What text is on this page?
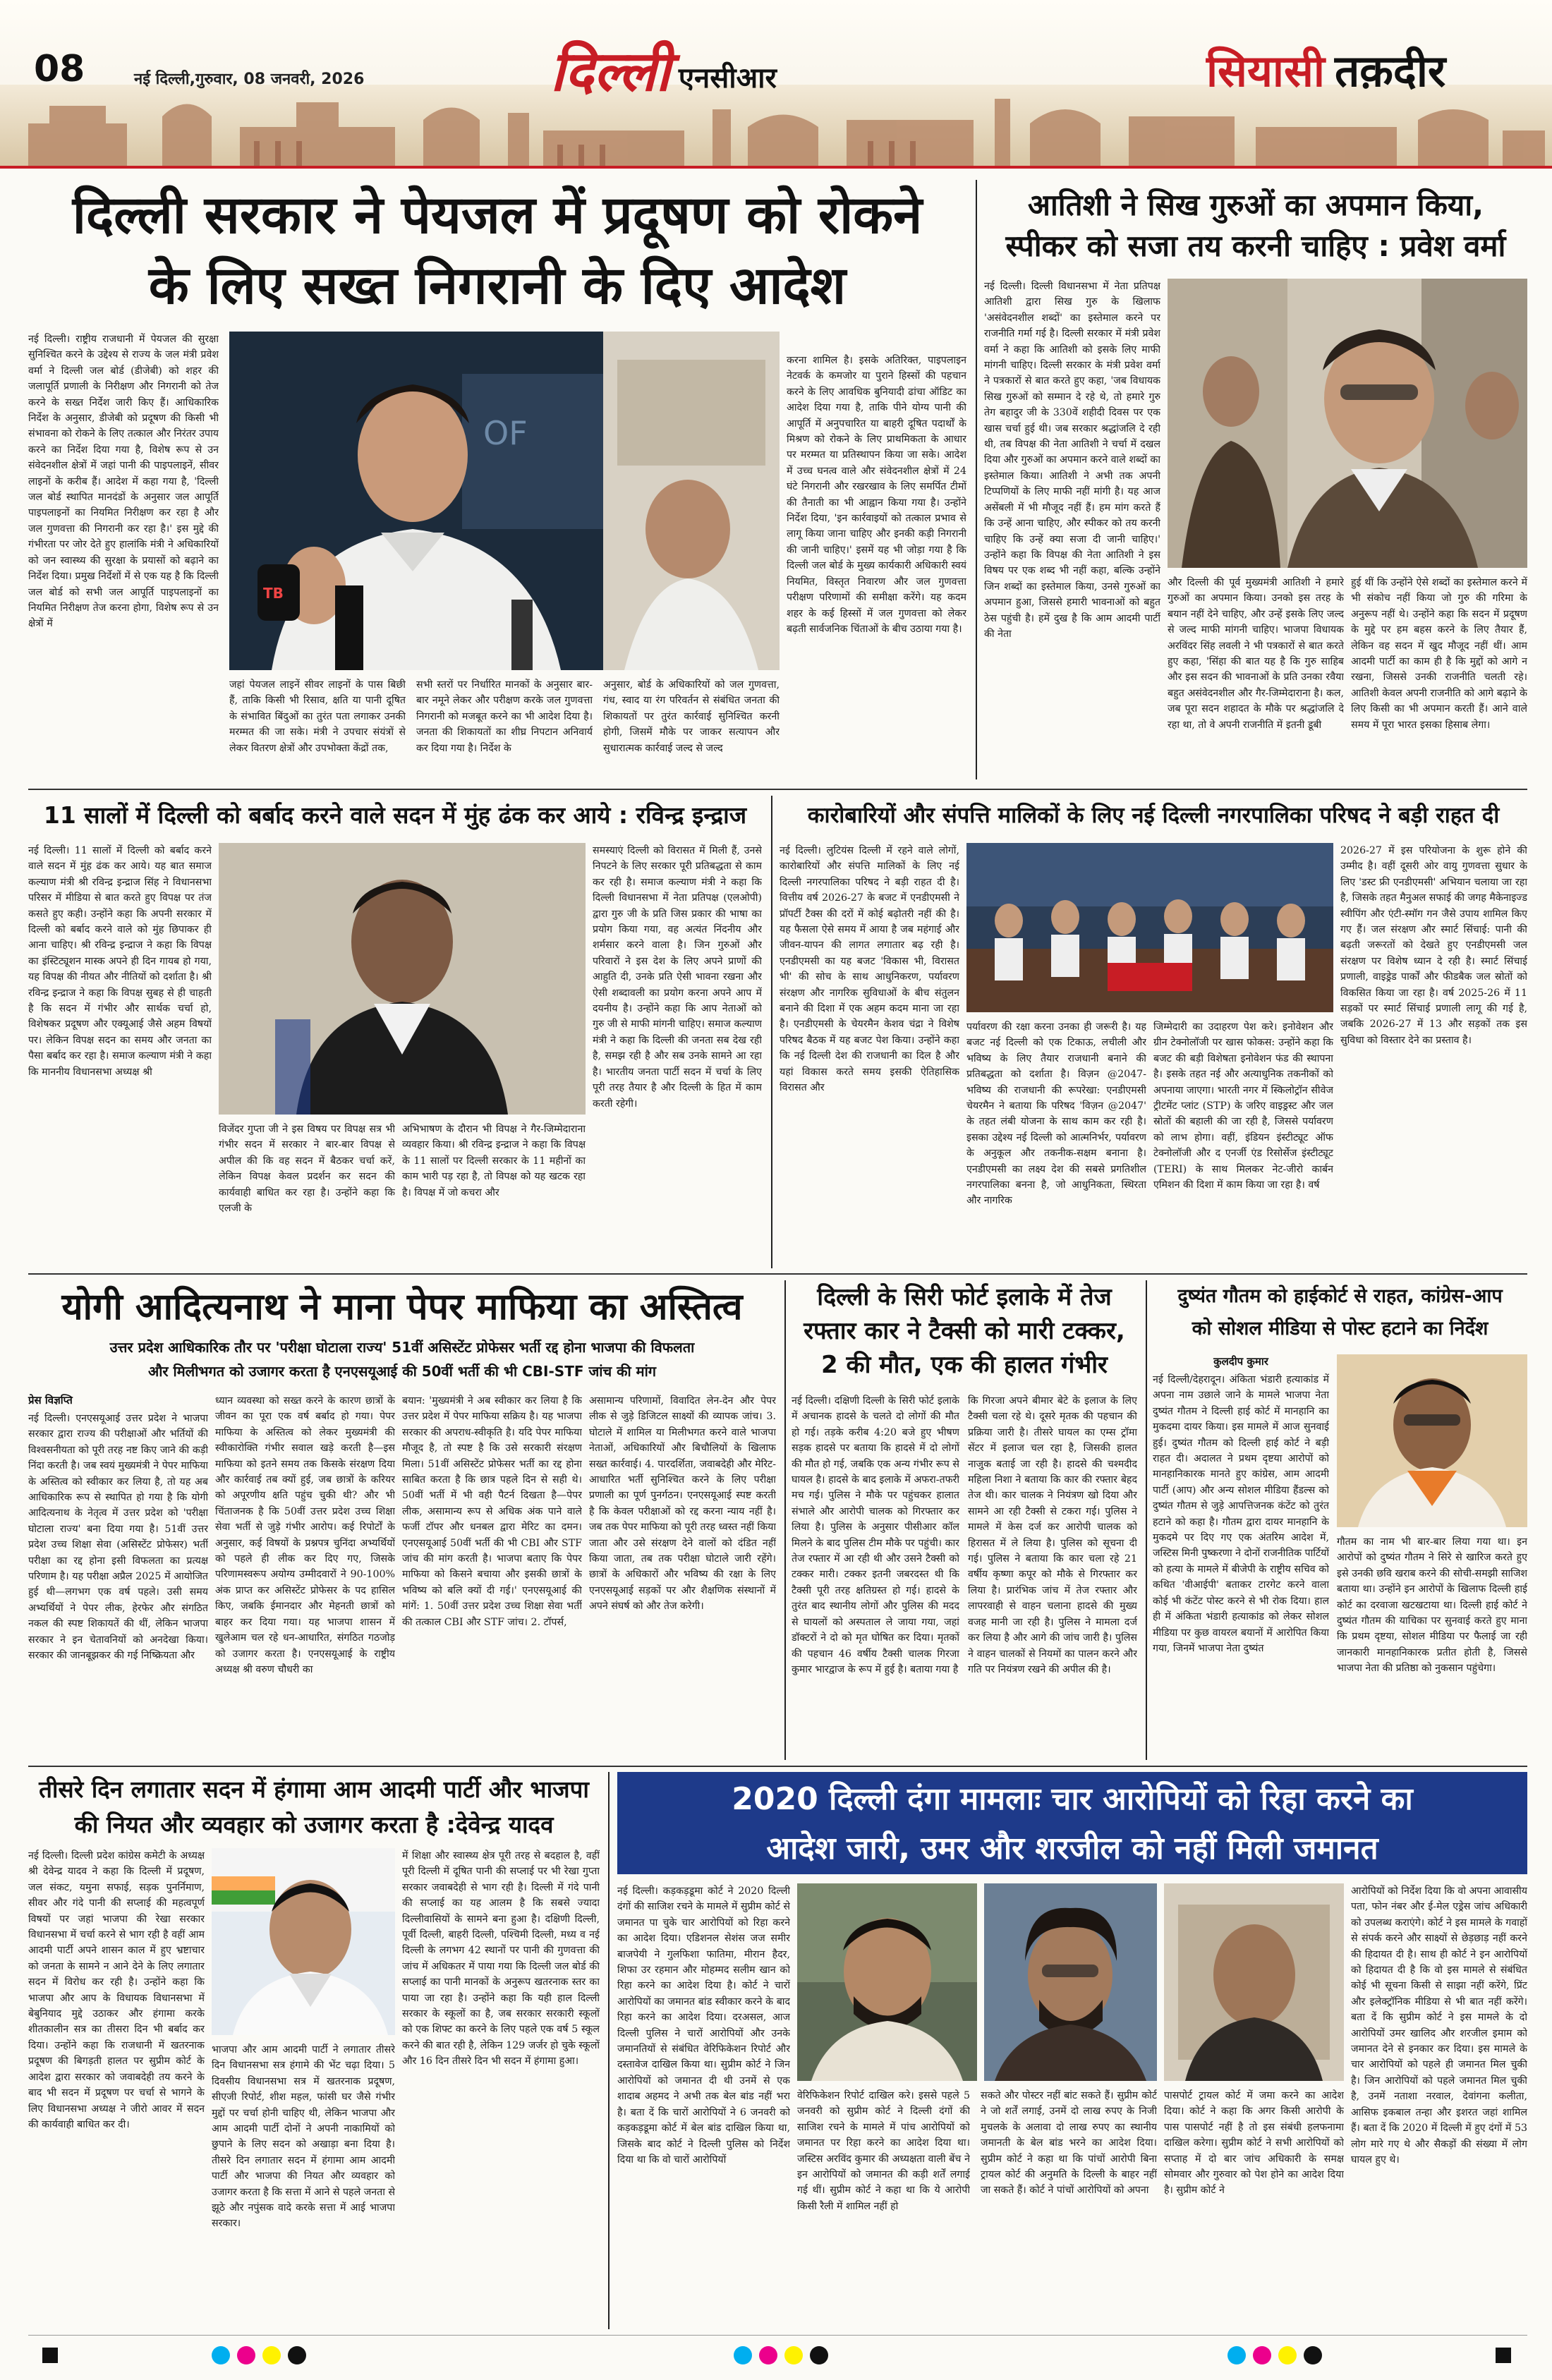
08	नई दिल्ली,गुरुवार, 08 जनवरी, 2026	दिल्ली एनसीआर	सियासी तक़दीर
दिल्ली सरकार ने पेयजल में प्रदूषण को रोकने
के लिए सख्त निगरानी के दिए आदेश

नई दिल्ली। राष्ट्रीय राजधानी में पेयजल की सुरक्षा सुनिश्चित करने के उद्देश्य से राज्य के जल मंत्री प्रवेश वर्मा ने दिल्ली जल बोर्ड (डीजेबी) को शहर की जलापूर्ति प्रणाली के निरीक्षण और निगरानी को तेज करने के सख्त निर्देश जारी किए हैं। आधिकारिक निर्देश के अनुसार, डीजेबी को प्रदूषण की किसी भी संभावना को रोकने के लिए तत्काल और निरंतर उपाय करने का निर्देश दिया गया है, विशेष रूप से उन संवेदनशील क्षेत्रों में जहां पानी की पाइपलाइनें, सीवर लाइनों के करीब हैं। आदेश में कहा गया है, 'दिल्ली जल बोर्ड स्थापित मानदंडों के अनुसार जल आपूर्ति पाइपलाइनों का नियमित निरीक्षण कर रहा है और जल गुणवत्ता की निगरानी कर रहा है।' इस मुद्दे की गंभीरता पर जोर देते हुए हालांकि मंत्री ने अधिकारियों को जन स्वास्थ्य की सुरक्षा के प्रयासों को बढ़ाने का निर्देश दिया। प्रमुख निर्देशों में से एक यह है कि दिल्ली जल बोर्ड को सभी जल आपूर्ति पाइपलाइनों का नियमित निरीक्षण तेज करना होगा, विशेष रूप से उन क्षेत्रों में

OF
TB

जहां पेयजल लाइनें सीवर लाइनों के पास बिछी हैं, ताकि किसी भी रिसाव, क्षति या पानी दूषित के संभावित बिंदुओं का तुरंत पता लगाकर उनकी मरम्मत की जा सके। मंत्री ने उपचार संयंत्रों से लेकर वितरण क्षेत्रों और उपभोक्ता केंद्रों तक,

सभी स्तरों पर निर्धारित मानकों के अनुसार बार-बार नमूने लेकर और परीक्षण करके जल गुणवत्ता निगरानी को मजबूत करने का भी आदेश दिया है। जनता की शिकायतों का शीघ्र निपटान अनिवार्य कर दिया गया है। निर्देश के

अनुसार, बोर्ड के अधिकारियों को जल गुणवत्ता, गंध, स्वाद या रंग परिवर्तन से संबंधित जनता की शिकायतों पर तुरंत कार्रवाई सुनिश्चित करनी होगी, जिसमें मौके पर जाकर सत्यापन और सुधारात्मक कार्रवाई जल्द से जल्द

करना शामिल है। इसके अतिरिक्त, पाइपलाइन नेटवर्क के कमजोर या पुराने हिस्सों की पहचान करने के लिए आवधिक बुनियादी ढांचा ऑडिट का आदेश दिया गया है, ताकि पीने योग्य पानी की आपूर्ति में अनुपचारित या बाहरी दूषित पदार्थों के मिश्रण को रोकने के लिए प्राथमिकता के आधार पर मरम्मत या प्रतिस्थापन किया जा सके। आदेश में उच्च घनत्व वाले और संवेदनशील क्षेत्रों में 24 घंटे निगरानी और रखरखाव के लिए समर्पित टीमों की तैनाती का भी आह्वान किया गया है। उन्होंने निर्देश दिया, 'इन कार्रवाइयों को तत्काल प्रभाव से लागू किया जाना चाहिए और इनकी कड़ी निगरानी की जानी चाहिए।' इसमें यह भी जोड़ा गया है कि दिल्ली जल बोर्ड के मुख्य कार्यकारी अधिकारी स्वयं नियमित, विस्तृत निवारण और जल गुणवत्ता परीक्षण परिणामों की समीक्षा करेंगे। यह कदम शहर के कई हिस्सों में जल गुणवत्ता को लेकर बढ़ती सार्वजनिक चिंताओं के बीच उठाया गया है।

आतिशी ने सिख गुरुओं का अपमान किया,
स्पीकर को सजा तय करनी चाहिए : प्रवेश वर्मा

नई दिल्ली। दिल्ली विधानसभा में नेता प्रतिपक्ष आतिशी द्वारा सिख गुरु के खिलाफ 'असंवेदनशील शब्दों' का इस्तेमाल करने पर राजनीति गर्मा गई है। दिल्ली सरकार में मंत्री प्रवेश वर्मा ने कहा कि आतिशी को इसके लिए माफी मांगनी चाहिए। दिल्ली सरकार के मंत्री प्रवेश वर्मा ने पत्रकारों से बात करते हुए कहा, 'जब विधायक सिख गुरुओं को सम्मान दे रहे थे, तो हमारे गुरु तेग बहादुर जी के 330वें शहीदी दिवस पर एक खास चर्चा हुई थी। जब सरकार श्रद्धांजलि दे रही थी, तब विपक्ष की नेता आतिशी ने चर्चा में दखल दिया और गुरुओं का अपमान करने वाले शब्दों का इस्तेमाल किया। आतिशी ने अभी तक अपनी टिप्पणियों के लिए माफी नहीं मांगी है। यह आज असेंबली में भी मौजूद नहीं हैं। हम मांग करते हैं कि उन्हें आना चाहिए, और स्पीकर को तय करनी चाहिए कि उन्हें क्या सजा दी जानी चाहिए।' उन्होंने कहा कि विपक्ष की नेता आतिशी ने इस विषय पर एक शब्द भी नहीं कहा, बल्कि उन्होंने जिन शब्दों का इस्तेमाल किया, उनसे गुरुओं का अपमान हुआ, जिससे हमारी भावनाओं को बहुत ठेस पहुंची है। हमें दुख है कि आम आदमी पार्टी की नेता

और दिल्ली की पूर्व मुख्यमंत्री आतिशी ने हमारे गुरुओं का अपमान किया। उनको इस तरह के बयान नहीं देने चाहिए, और उन्हें इसके लिए जल्द से जल्द माफी मांगनी चाहिए। भाजपा विधायक अरविंदर सिंह लवली ने भी पत्रकारों से बात करते हुए कहा, 'सिंहा की बात यह है कि गुरु साहिब और इस सदन की भावनाओं के प्रति उनका रवैया बहुत असंवेदनशील और गैर-जिम्मेदाराना है। कल, जब पूरा सदन शहादत के मौके पर श्रद्धांजलि दे रहा था, तो वे अपनी राजनीति में इतनी डूबी

हुई थीं कि उन्होंने ऐसे शब्दों का इस्तेमाल करने में भी संकोच नहीं किया जो गुरु की गरिमा के अनुरूप नहीं थे। उन्होंने कहा कि सदन में प्रदूषण के मुद्दे पर हम बहस करने के लिए तैयार हैं, लेकिन वह सदन में खुद मौजूद नहीं थीं। आम आदमी पार्टी का काम ही है कि मुद्दों को आगे न रखना, जिससे उनकी राजनीति चलती रहे। आतिशी केवल अपनी राजनीति को आगे बढ़ाने के लिए किसी का भी अपमान करती हैं। आने वाले समय में पूरा भारत इसका हिसाब लेगा।

11 सालों में दिल्ली को बर्बाद करने वाले सदन में मुंह ढंक कर आये : रविन्द्र इन्द्राज

नई दिल्ली। 11 सालों में दिल्ली को बर्बाद करने वाले सदन में मुंह ढंक कर आये। यह बात समाज कल्याण मंत्री श्री रविन्द्र इन्द्राज सिंह ने विधानसभा परिसर में मीडिया से बात करते हुए विपक्ष पर तंज कसते हुए कही। उन्होंने कहा कि अपनी सरकार में दिल्ली को बर्बाद करने वाले को मुंह छिपाकर ही आना चाहिए। श्री रविन्द्र इन्द्राज ने कहा कि विपक्ष का इंस्टिट्यूशन मास्क अपने ही दिन गायब हो गया, यह विपक्ष की नीयत और नीतियों को दर्शाता है। श्री रविन्द्र इन्द्राज ने कहा कि विपक्ष सुबह से ही चाहती है कि सदन में गंभीर और सार्थक चर्चा हो, विशेषकर प्रदूषण और एक्यूआई जैसे अहम विषयों पर। लेकिन विपक्ष सदन का समय और जनता का पैसा बर्बाद कर रहा है। समाज कल्याण मंत्री ने कहा कि माननीय विधानसभा अध्यक्ष श्री

विजेंदर गुप्ता जी ने इस विषय पर विपक्ष सत्र भी गंभीर सदन में सरकार ने बार-बार विपक्ष से अपील की कि वह सदन में बैठकर चर्चा करें, लेकिन विपक्ष केवल प्रदर्शन कर सदन की कार्यवाही बाधित कर रहा है। उन्होंने कहा कि एलजी के

अभिभाषण के दौरान भी विपक्ष ने गैर-जिम्मेदाराना व्यवहार किया। श्री रविन्द्र इन्द्राज ने कहा कि विपक्ष के 11 सालों पर दिल्ली सरकार के 11 महीनों का काम भारी पड़ रहा है, तो विपक्ष को यह खटक रहा है। विपक्ष में जो कचरा और

समस्याएं दिल्ली को विरासत में मिली हैं, उनसे निपटने के लिए सरकार पूरी प्रतिबद्धता से काम कर रही है। समाज कल्याण मंत्री ने कहा कि दिल्ली विधानसभा में नेता प्रतिपक्ष (एलओपी) द्वारा गुरु जी के प्रति जिस प्रकार की भाषा का प्रयोग किया गया, वह अत्यंत निंदनीय और शर्मसार करने वाला है। जिन गुरुओं और परिवारों ने इस देश के लिए अपने प्राणों की आहुति दी, उनके प्रति ऐसी भावना रखना और ऐसी शब्दावली का प्रयोग करना अपने आप में दयनीय है। उन्होंने कहा कि आप नेताओं को गुरु जी से माफी मांगनी चाहिए। समाज कल्याण मंत्री ने कहा कि दिल्ली की जनता सब देख रही है, समझ रही है और सब उनके सामने आ रहा है। भारतीय जनता पार्टी सदन में चर्चा के लिए पूरी तरह तैयार है और दिल्ली के हित में काम करती रहेगी।

कारोबारियों और संपत्ति मालिकों के लिए नई दिल्ली नगरपालिका परिषद ने बड़ी राहत दी

नई दिल्ली। लुटियंस दिल्ली में रहने वाले लोगों, कारोबारियों और संपत्ति मालिकों के लिए नई दिल्ली नगरपालिका परिषद ने बड़ी राहत दी है। वित्तीय वर्ष 2026-27 के बजट में एनडीएमसी ने प्रॉपर्टी टैक्स की दरों में कोई बढ़ोतरी नहीं की है। यह फैसला ऐसे समय में आया है जब महंगाई और जीवन-यापन की लागत लगातार बढ़ रही है। एनडीएमसी का यह बजट 'विकास भी, विरासत भी' की सोच के साथ आधुनिकरण, पर्यावरण संरक्षण और नागरिक सुविधाओं के बीच संतुलन बनाने की दिशा में एक अहम कदम माना जा रहा है। एनडीएमसी के चेयरमैन केशव चंद्रा ने विशेष परिषद बैठक में यह बजट पेश किया। उन्होंने कहा कि नई दिल्ली देश की राजधानी का दिल है और यहां विकास करते समय इसकी ऐतिहासिक विरासत और

पर्यावरण की रक्षा करना उनका ही जरूरी है। यह बजट नई दिल्ली को एक टिकाऊ, लचीली और भविष्य के लिए तैयार राजधानी बनाने की प्रतिबद्धता को दर्शाता है। विज़न @2047- भविष्य की राजधानी की रूपरेखा: एनडीएमसी चेयरमैन ने बताया कि परिषद 'विज़न @2047' के तहत लंबी योजना के साथ काम कर रही है। इसका उद्देश्य नई दिल्ली को आत्मनिर्भर, पर्यावरण के अनुकूल और तकनीक-सक्षम बनाना है। एनडीएमसी का लक्ष्य देश की सबसे प्रगतिशील नगरपालिका बनना है, जो आधुनिकता, स्थिरता और नागरिक

जिम्मेदारी का उदाहरण पेश करे। इनोवेशन और ग्रीन टेक्नोलॉजी पर खास फोकस: उन्होंने कहा कि बजट की बड़ी विशेषता इनोवेशन फंड की स्थापना है। इसके तहत नई और अत्याधुनिक तकनीकों को अपनाया जाएगा। भारती नगर में स्किलोट्रॉन सीवेज ट्रीटमेंट प्लांट (STP) के जरिए वाइड्रस्ट और जल स्रोतों की बहाली की जा रही है, जिससे पर्यावरण को लाभ होगा। वहीं, इंडियन इंस्टीट्यूट ऑफ टेक्नोलॉजी और द एनर्जी एंड रिसोर्सेज इंस्टीट्यूट (TERI) के साथ मिलकर नेट-जीरो कार्बन एमिशन की दिशा में काम किया जा रहा है। वर्ष

2026-27 में इस परियोजना के शुरू होने की उम्मीद है। वहीं दूसरी ओर वायु गुणवत्ता सुधार के लिए 'डस्ट फ्री एनडीएमसी' अभियान चलाया जा रहा है, जिसके तहत मैनुअल सफाई की जगह मैकेनाइज्ड स्वीपिंग और एंटी-स्मॉग गन जैसे उपाय शामिल किए गए हैं। जल संरक्षण और स्मार्ट सिंचाई: पानी की बढ़ती जरूरतों को देखते हुए एनडीएमसी जल संरक्षण पर विशेष ध्यान दे रही है। स्मार्ट सिंचाई प्रणाली, वाइड्रेड पार्कों और फीडबैक जल स्रोतों को विकसित किया जा रहा है। वर्ष 2025-26 में 11 सड़कों पर स्मार्ट सिंचाई प्रणाली लागू की गई है, जबकि 2026-27 में 13 और सड़कों तक इस सुविधा को विस्तार देने का प्रस्ताव है।

योगी आदित्यनाथ ने माना पेपर माफिया का अस्तित्व
उत्तर प्रदेश आधिकारिक तौर पर 'परीक्षा घोटाला राज्य' 51वीं असिस्टेंट प्रोफेसर भर्ती रद्द होना भाजपा की विफलता
और मिलीभगत को उजागर करता है एनएसयूआई की 50वीं भर्ती की भी CBI-STF जांच की मांग
प्रेस विज्ञप्ति

नई दिल्ली। एनएसयूआई उत्तर प्रदेश ने भाजपा सरकार द्वारा राज्य की परीक्षाओं और भर्तियों की विश्वसनीयता को पूरी तरह नष्ट किए जाने की कड़ी निंदा करती है। जब स्वयं मुख्यमंत्री ने पेपर माफिया के अस्तित्व को स्वीकार कर लिया है, तो यह अब आधिकारिक रूप से स्थापित हो गया है कि योगी आदित्यनाथ के नेतृत्व में उत्तर प्रदेश को 'परीक्षा घोटाला राज्य' बना दिया गया है। 51वीं उत्तर प्रदेश उच्च शिक्षा सेवा (असिस्टेंट प्रोफेसर) भर्ती परीक्षा का रद्द होना इसी विफलता का प्रत्यक्ष परिणाम है। यह परीक्षा अप्रैल 2025 में आयोजित हुई थी—लगभग एक वर्ष पहले। उसी समय अभ्यर्थियों ने पेपर लीक, हेरफेर और संगठित नकल की स्पष्ट शिकायतें की थीं, लेकिन भाजपा सरकार ने इन चेतावनियों को अनदेखा किया। सरकार की जानबूझकर की गई निष्क्रियता और

ध्यान व्यवस्था को सख्त करने के कारण छात्रों के जीवन का पूरा एक वर्ष बर्बाद हो गया। पेपर माफिया के अस्तित्व को लेकर मुख्यमंत्री की स्वीकारोक्ति गंभीर सवाल खड़े करती है—इस माफिया को इतने समय तक किसके संरक्षण दिया और कार्रवाई तब क्यों हुई, जब छात्रों के करियर को अपूरणीय क्षति पहुंच चुकी थी? और भी चिंताजनक है कि 50वीं उत्तर प्रदेश उच्च शिक्षा सेवा भर्ती से जुड़े गंभीर आरोप। कई रिपोर्टों के अनुसार, कई विषयों के प्रश्नपत्र चुनिंदा अभ्यर्थियों को पहले ही लीक कर दिए गए, जिसके परिणामस्वरूप अयोग्य उम्मीदवारों ने 90-100% अंक प्राप्त कर असिस्टेंट प्रोफेसर के पद हासिल किए, जबकि ईमानदार और मेहनती छात्रों को बाहर कर दिया गया। यह भाजपा शासन में खुलेआम चल रहे धन-आधारित, संगठित गठजोड़ को उजागर करता है। एनएसयूआई के राष्ट्रीय अध्यक्ष श्री वरुण चौधरी का

बयान: 'मुख्यमंत्री ने अब स्वीकार कर लिया है कि उत्तर प्रदेश में पेपर माफिया सक्रिय है। यह भाजपा सरकार की अपराध-स्वीकृति है। यदि पेपर माफिया मौजूद है, तो स्पष्ट है कि उसे सरकारी संरक्षण मिला। 51वीं असिस्टेंट प्रोफेसर भर्ती का रद्द होना साबित करता है कि छात्र पहले दिन से सही थे। 50वीं भर्ती में भी वही पैटर्न दिखता है—पेपर लीक, असामान्य रूप से अधिक अंक पाने वाले फर्जी टॉपर और धनबल द्वारा मेरिट का दमन। एनएसयूआई 50वीं भर्ती की भी CBI और STF जांच की मांग करती है। भाजपा बताए कि पेपर माफिया को किसने बचाया और इसकी छात्रों के भविष्य को बलि क्यों दी गई।' एनएसयूआई की मांगें: 1. 50वीं उत्तर प्रदेश उच्च शिक्षा सेवा भर्ती की तत्काल CBI और STF जांच। 2. टॉपर्स,

असामान्य परिणामों, विवादित लेन-देन और पेपर लीक से जुड़े डिजिटल साक्ष्यों की व्यापक जांच। 3. घोटाले में शामिल या मिलीभगत करने वाले भाजपा नेताओं, अधिकारियों और बिचौलियों के खिलाफ सख्त कार्रवाई। 4. पारदर्शिता, जवाबदेही और मेरिट-आधारित भर्ती सुनिश्चित करने के लिए परीक्षा प्रणाली का पूर्ण पुनर्गठन। एनएसयूआई स्पष्ट करती है कि केवल परीक्षाओं को रद्द करना न्याय नहीं है। जब तक पेपर माफिया को पूरी तरह ध्वस्त नहीं किया जाता और उसे संरक्षण देने वालों को दंडित नहीं किया जाता, तब तक परीक्षा घोटाले जारी रहेंगे। छात्रों के अधिकारों और भविष्य की रक्षा के लिए एनएसयूआई सड़कों पर और शैक्षणिक संस्थानों में अपने संघर्ष को और तेज करेगी।

दिल्ली के सिरी फोर्ट इलाके में तेज
रफ्तार कार ने टैक्सी को मारी टक्कर,
2 की मौत, एक की हालत गंभीर

नई दिल्ली। दक्षिणी दिल्ली के सिरी फोर्ट इलाके में अचानक हादसे के चलते दो लोगों की मौत हो गई। तड़के करीब 4:20 बजे हुए भीषण सड़क हादसे पर बताया कि हादसे में दो लोगों की मौत हो गई, जबकि एक अन्य गंभीर रूप से घायल है। हादसे के बाद इलाके में अफरा-तफरी मच गई। पुलिस ने मौके पर पहुंचकर हालात संभाले और आरोपी चालक को गिरफ्तार कर लिया है। पुलिस के अनुसार पीसीआर कॉल मिलने के बाद पुलिस टीम मौके पर पहुंची। कार तेज रफ्तार में आ रही थी और उसने टैक्सी को टक्कर मारी। टक्कर इतनी जबरदस्त थी कि टैक्सी पूरी तरह क्षतिग्रस्त हो गई। हादसे के तुरंत बाद स्थानीय लोगों और पुलिस की मदद से घायलों को अस्पताल ले जाया गया, जहां डॉक्टरों ने दो को मृत घोषित कर दिया। मृतकों की पहचान 46 वर्षीय टैक्सी चालक गिरजा कुमार भारद्वाज के रूप में हुई है। बताया गया है

कि गिरजा अपने बीमार बेटे के इलाज के लिए टैक्सी चला रहे थे। दूसरे मृतक की पहचान की प्रक्रिया जारी है। तीसरे घायल का एम्स ट्रॉमा सेंटर में इलाज चल रहा है, जिसकी हालत नाजुक बताई जा रही है। हादसे की चश्मदीद महिला निशा ने बताया कि कार की रफ्तार बेहद तेज थी। कार चालक ने नियंत्रण खो दिया और सामने आ रही टैक्सी से टकरा गई। पुलिस ने मामले में केस दर्ज कर आरोपी चालक को हिरासत में ले लिया है। पुलिस को सूचना दी गई। पुलिस ने बताया कि कार चला रहे 21 वर्षीय कृष्णा कपूर को मौके से गिरफ्तार कर लिया है। प्रारंभिक जांच में तेज रफ्तार और लापरवाही से वाहन चलाना हादसे की मुख्य वजह मानी जा रही है। पुलिस ने मामला दर्ज कर लिया है और आगे की जांच जारी है। पुलिस ने वाहन चालकों से नियमों का पालन करने और गति पर नियंत्रण रखने की अपील की है।

दुष्यंत गौतम को हाईकोर्ट से राहत, कांग्रेस-आप
को सोशल मीडिया से पोस्ट हटाने का निर्देश
कुलदीप कुमार

नई दिल्ली/देहरादून। अंकिता भंडारी हत्याकांड में अपना नाम उछाले जाने के मामले भाजपा नेता दुष्यंत गौतम ने दिल्ली हाई कोर्ट में मानहानि का मुकदमा दायर किया। इस मामले में आज सुनवाई हुई। दुष्यंत गौतम को दिल्ली हाई कोर्ट ने बड़ी राहत दी। अदालत ने प्रथम दृष्टया आरोपों को मानहानिकारक मानते हुए कांग्रेस, आम आदमी पार्टी (आप) और अन्य सोशल मीडिया हैंडल्स को दुष्यंत गौतम से जुड़े आपत्तिजनक कंटेंट को तुरंत हटाने को कहा है। गौतम द्वारा दायर मानहानि के मुकदमे पर दिए गए एक अंतरिम आदेश में, जस्टिस मिनी पुष्करणा ने दोनों राजनीतिक पार्टियों को हत्या के मामले में बीजेपी के राष्ट्रीय सचिव को कथित 'वीआईपी' बताकर टारगेट करने वाला कोई भी कंटेंट पोस्ट करने से भी रोक दिया। हाल ही में अंकिता भंडारी हत्याकांड को लेकर सोशल मीडिया पर कुछ वायरल बयानों में आरोपित किया गया, जिनमें भाजपा नेता दुष्यंत

गौतम का नाम भी बार-बार लिया गया था। इन आरोपों को दुष्यंत गौतम ने सिरे से खारिज करते हुए इसे उनकी छवि खराब करने की सोची-समझी साजिश बताया था। उन्होंने इन आरोपों के खिलाफ दिल्ली हाई कोर्ट का दरवाजा खटखटाया था। दिल्ली हाई कोर्ट ने दुष्यंत गौतम की याचिका पर सुनवाई करते हुए माना कि प्रथम दृष्टया, सोशल मीडिया पर फैलाई जा रही जानकारी मानहानिकारक प्रतीत होती है, जिससे भाजपा नेता की प्रतिष्ठा को नुकसान पहुंचेगा।

तीसरे दिन लगातार सदन में हंगामा आम आदमी पार्टी और भाजपा
की नियत और व्यवहार को उजागर करता है :देवेन्द्र यादव

नई दिल्ली। दिल्ली प्रदेश कांग्रेस कमेटी के अध्यक्ष श्री देवेन्द्र यादव ने कहा कि दिल्ली में प्रदूषण, जल संकट, यमुना सफाई, सड़क पुनर्निमाण, सीवर और गंदे पानी की सप्लाई की महत्वपूर्ण विषयों पर जहां भाजपा की रेखा सरकार विधानसभा में चर्चा करने से भाग रही है वहीं आम आदमी पार्टी अपने शासन काल में हुए भ्रष्टाचार को जनता के सामने न आने देने के लिए लगातार सदन में विरोध कर रही है। उन्होंने कहा कि भाजपा और आप के विधायक विधानसभा में बेबुनियाद मुद्दे उठाकर और हंगामा करके शीतकालीन सत्र का तीसरा दिन भी बर्बाद कर दिया। उन्होंने कहा कि राजधानी में खतरनाक प्रदूषण की बिगड़ती हालत पर सुप्रीम कोर्ट के आदेश द्वारा सरकार को जवाबदेही तय करने के बाद भी सदन में प्रदूषण पर चर्चा से भागने के लिए विधानसभा अध्यक्ष ने जीरो आवर में सदन की कार्यवाही बाधित कर दी।

भाजपा और आम आदमी पार्टी ने लगातार तीसरे दिन विधानसभा सत्र हंगामे की भेंट चढ़ा दिया। 5 दिवसीय विधानसभा सत्र में खतरनाक प्रदूषण, सीएजी रिपोर्ट, शीश महल, फांसी घर जैसे गंभीर मुद्दों पर चर्चा होनी चाहिए थी, लेकिन भाजपा और आम आदमी पार्टी दोनों ने अपनी नाकामियों को छुपाने के लिए सदन को अखाड़ा बना दिया है। तीसरे दिन लगातार सदन में हंगामा आम आदमी पार्टी और भाजपा की नियत और व्यवहार को उजागर करता है कि सत्ता में आने से पहले जनता से झूठे और नपुंसक वादे करके सत्ता में आई भाजपा सरकार।

में शिक्षा और स्वास्थ्य क्षेत्र पूरी तरह से बदहाल है, वहीं पूरी दिल्ली में दूषित पानी की सप्लाई पर भी रेखा गुप्ता सरकार जवाबदेही से भाग रही है। दिल्ली में गंदे पानी की सप्लाई का यह आलम है कि सबसे ज्यादा दिल्लीवासियों के सामने बना हुआ है। दक्षिणी दिल्ली, पूर्वी दिल्ली, बाहरी दिल्ली, पश्चिमी दिल्ली, मध्य व नई दिल्ली के लगभग 42 स्थानों पर पानी की गुणवत्ता की जांच में अधिकतर में पाया गया कि दिल्ली जल बोर्ड की सप्लाई का पानी मानकों के अनुरूप खतरनाक स्तर का पाया जा रहा है। उन्होंने कहा कि यही हाल दिल्ली सरकार के स्कूलों का है, जब सरकार सरकारी स्कूलों को एक शिफ्ट का करने के लिए पहले एक वर्ष 5 स्कूल करने की बात रही है, लेकिन 129 जर्जर हो चुके स्कूलों और 16 दिन तीसरे दिन भी सदन में हंगामा हुआ।

2020 दिल्ली दंगा मामलाः चार आरोपियों को रिहा करने का
आदेश जारी, उमर और शरजील को नहीं मिली जमानत

नई दिल्ली। कड़कड़डूमा कोर्ट ने 2020 दिल्ली दंगों की साजिश रचने के मामले में सुप्रीम कोर्ट से जमानत पा चुके चार आरोपियों को रिहा करने का आदेश दिया। एडिशनल सेशंस जज समीर बाजपेयी ने गुलफिशा फातिमा, मीरान हैदर, शिफा उर रहमान और मोहम्मद सलीम खान को रिहा करने का आदेश दिया है। कोर्ट ने चारों आरोपियों का जमानत बांड स्वीकार करने के बाद रिहा करने का आदेश दिया। दरअसल, आज दिल्ली पुलिस ने चारों आरोपियों और उनके जमानतियों से संबंधित वेरिफिकेशन रिपोर्ट और दस्तावेज दाखिल किया था। सुप्रीम कोर्ट ने जिन आरोपियों को जमानत दी थी उनमें से एक शादाब अहमद ने अभी तक बेल बांड नहीं भरा है। बता दें कि चारों आरोपियों ने 6 जनवरी को कड़कड़डूमा कोर्ट में बेल बांड दाखिल किया था, जिसके बाद कोर्ट ने दिल्ली पुलिस को निर्देश दिया था कि वो चारों आरोपियों

वेरिफिकेशन रिपोर्ट दाखिल करे। इससे पहले 5 जनवरी को सुप्रीम कोर्ट ने दिल्ली दंगों की साजिश रचने के मामले में पांच आरोपियों को जमानत पर रिहा करने का आदेश दिया था। जस्टिस अरविंद कुमार की अध्यक्षता वाली बेंच ने इन आरोपियों को जमानत की कड़ी शर्तें लगाई गई थीं। सुप्रीम कोर्ट ने कहा था कि ये आरोपी किसी रैली में शामिल नहीं हो

सकते और पोस्टर नहीं बांट सकते हैं। सुप्रीम कोर्ट ने जो शर्तें लगाई, उनमें दो लाख रुपए के निजी मुचलके के अलावा दो लाख रुपए का स्थानीय जमानती के बेल बांड भरने का आदेश दिया। सुप्रीम कोर्ट ने कहा था कि पांचों आरोपी बिना ट्रायल कोर्ट की अनुमति के दिल्ली के बाहर नहीं जा सकते हैं। कोर्ट ने पांचों आरोपियों को अपना

पासपोर्ट ट्रायल कोर्ट में जमा करने का आदेश दिया। कोर्ट ने कहा कि अगर किसी आरोपी के पास पासपोर्ट नहीं है तो इस संबंधी हलफनामा दाखिल करेगा। सुप्रीम कोर्ट ने सभी आरोपियों को सप्ताह में दो बार जांच अधिकारी के समक्ष सोमवार और गुरुवार को पेश होने का आदेश दिया है। सुप्रीम कोर्ट ने

आरोपियों को निर्देश दिया कि वो अपना आवासीय पता, फोन नंबर और ई-मेल एड्रेस जांच अधिकारी को उपलब्ध कराएंगे। कोर्ट ने इस मामले के गवाहों से संपर्क करने और साक्ष्यों से छेड़छाड़ नहीं करने की हिदायत दी है। साथ ही कोर्ट ने इन आरोपियों को हिदायत दी है कि वो इस मामले से संबंधित कोई भी सूचना किसी से साझा नहीं करेंगे, प्रिंट और इलेक्ट्रॉनिक मीडिया से भी बात नहीं करेंगे। बता दें कि सुप्रीम कोर्ट ने इस मामले के दो आरोपियों उमर खालिद और शरजील इमाम को जमानत देने से इनकार कर दिया। इस मामले के चार आरोपियों को पहले ही जमानत मिल चुकी है। जिन आरोपियों को पहले जमानत मिल चुकी है, उनमें नताशा नरवाल, देवांगना कलीता, आसिफ इकबाल तन्हा और इशरत जहां शामिल हैं। बता दें कि 2020 में दिल्ली में हुए दंगों में 53 लोग मारे गए थे और सैकड़ों की संख्या में लोग घायल हुए थे।
